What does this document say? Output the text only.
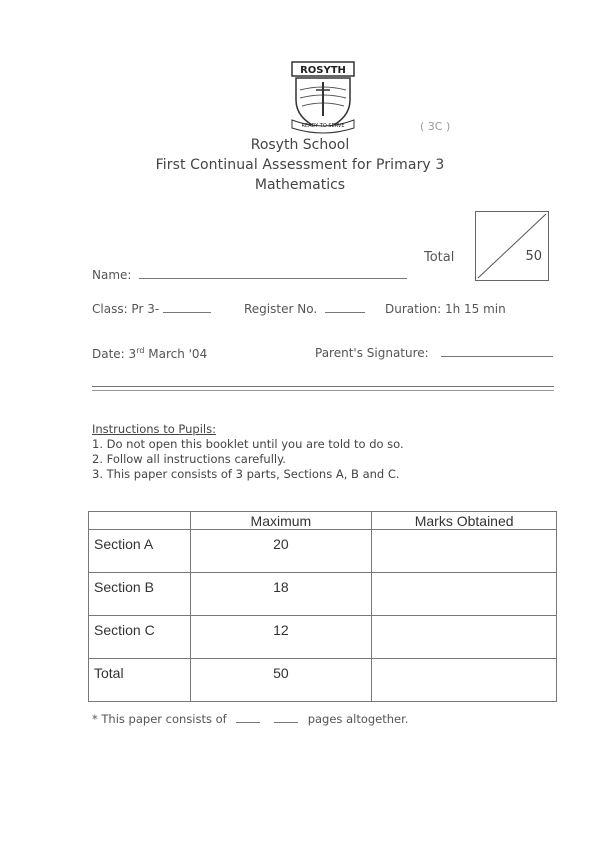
ROSYTH
READY TO SERVE	( 3C )
Rosyth School
First Continual Assessment for Primary 3
Mathematics
Total	50
Name:
Class: Pr 3-	Register No.	Duration: 1h 15 min
Date: 3rd March '04	Parent's Signature:
Instructions to Pupils:
1. Do not open this booklet until you are told to do so.
2. Follow all instructions carefully.
3. This paper consists of 3 parts, Sections A, B and C.
	Maximum	Marks Obtained
Section A	20	
Section B	18	
Section C	12	
Total	50	
* This paper consists of	pages altogether.
